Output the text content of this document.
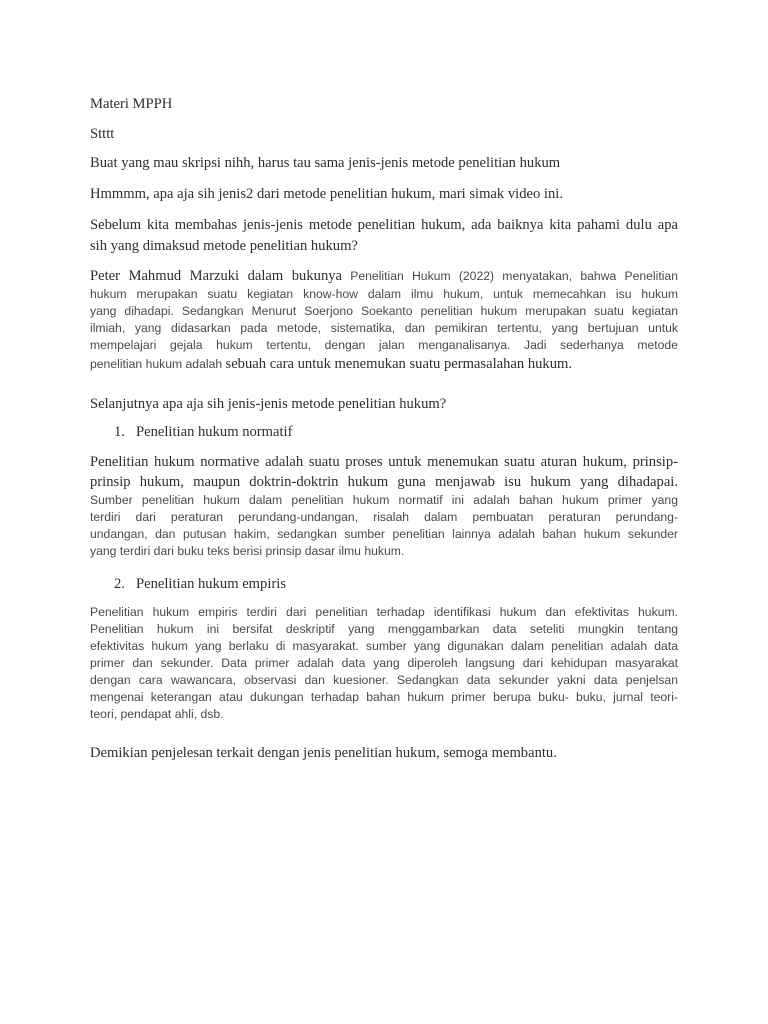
Materi MPPH

Stttt

Buat yang mau skripsi nihh, harus tau sama jenis-jenis metode penelitian hukum

Hmmmm, apa aja sih jenis2 dari metode penelitian hukum, mari simak video ini.

Sebelum kita membahas jenis-jenis metode penelitian hukum, ada baiknya kita pahami dulu apa
sih yang dimaksud metode penelitian hukum?
Peter Mahmud Marzuki dalam bukunya Penelitian Hukum (2022) menyatakan, bahwa Penelitian
hukum merupakan suatu kegiatan know-how dalam ilmu hukum, untuk memecahkan isu hukum
yang dihadapi. Sedangkan Menurut Soerjono Soekanto penelitian hukum merupakan suatu kegiatan
ilmiah, yang didasarkan pada metode, sistematika, dan pemikiran tertentu, yang bertujuan untuk
mempelajari gejala hukum tertentu, dengan jalan menganalisanya. Jadi sederhanya metode
penelitian hukum adalah sebuah cara untuk menemukan suatu permasalahan hukum.

Selanjutnya apa aja sih jenis-jenis metode penelitian hukum?

1. Penelitian hukum normatif
Penelitian hukum normative adalah suatu proses untuk menemukan suatu aturan hukum, prinsip-
prinsip hukum, maupun doktrin-doktrin hukum guna menjawab isu hukum yang dihadapai.
Sumber penelitian hukum dalam penelitian hukum normatif ini adalah bahan hukum primer yang
terdiri dari peraturan perundang-undangan, risalah dalam pembuatan peraturan perundang-
undangan, dan putusan hakim, sedangkan sumber penelitian lainnya adalah bahan hukum sekunder
yang terdiri dari buku teks berisi prinsip dasar ilmu hukum.
2. Penelitian hukum empiris
Penelitian hukum empiris terdiri dari penelitian terhadap identifikasi hukum dan efektivitas hukum.
Penelitian hukum ini bersifat deskriptif yang menggambarkan data seteliti mungkin tentang
efektivitas hukum yang berlaku di masyarakat. sumber yang digunakan dalam penelitian adalah data
primer dan sekunder. Data primer adalah data yang diperoleh langsung dari kehidupan masyarakat
dengan cara wawancara, observasi dan kuesioner. Sedangkan data sekunder yakni data penjelsan
mengenai keterangan atau dukungan terhadap bahan hukum primer berupa buku- buku, jurnal teori-
teori, pendapat ahli, dsb.

Demikian penjelesan terkait dengan jenis penelitian hukum, semoga membantu.
